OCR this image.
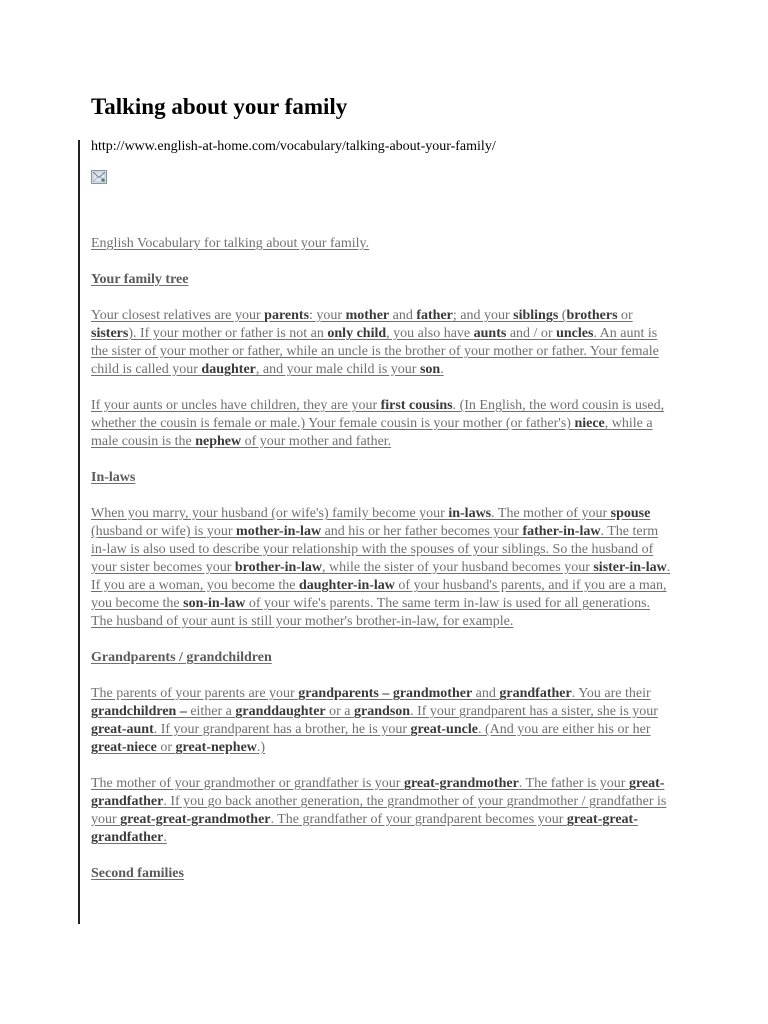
Talking about your family
http://www.english-at-home.com/vocabulary/talking-about-your-family/

English Vocabulary for talking about your family.

Your family tree

Your closest relatives are your parents: your mother and father; and your siblings (brothers or sisters). If your mother or father is not an only child, you also have aunts and / or uncles. An aunt is the sister of your mother or father, while an uncle is the brother of your mother or father. Your female child is called your daughter, and your male child is your son.

If your aunts or uncles have children, they are your first cousins. (In English, the word cousin is used, whether the cousin is female or male.) Your female cousin is your mother (or father's) niece, while a male cousin is the nephew of your mother and father.

In-laws

When you marry, your husband (or wife's) family become your in-laws. The mother of your spouse (husband or wife) is your mother-in-law and his or her father becomes your father-in-law. The term in-law is also used to describe your relationship with the spouses of your siblings. So the husband of your sister becomes your brother-in-law, while the sister of your husband becomes your sister-in-law. If you are a woman, you become the daughter-in-law of your husband's parents, and if you are a man, you become the son-in-law of your wife's parents. The same term in-law is used for all generations. The husband of your aunt is still your mother's brother-in-law, for example.

Grandparents / grandchildren

The parents of your parents are your grandparents – grandmother and grandfather. You are their grandchildren – either a granddaughter or a grandson. If your grandparent has a sister, she is your great-aunt. If your grandparent has a brother, he is your great-uncle. (And you are either his or her great-niece or great-nephew.)

The mother of your grandmother or grandfather is your great-grandmother. The father is your great-grandfather. If you go back another generation, the grandmother of your grandmother / grandfather is your great-great-grandmother. The grandfather of your grandparent becomes your great-great-grandfather.

Second families
